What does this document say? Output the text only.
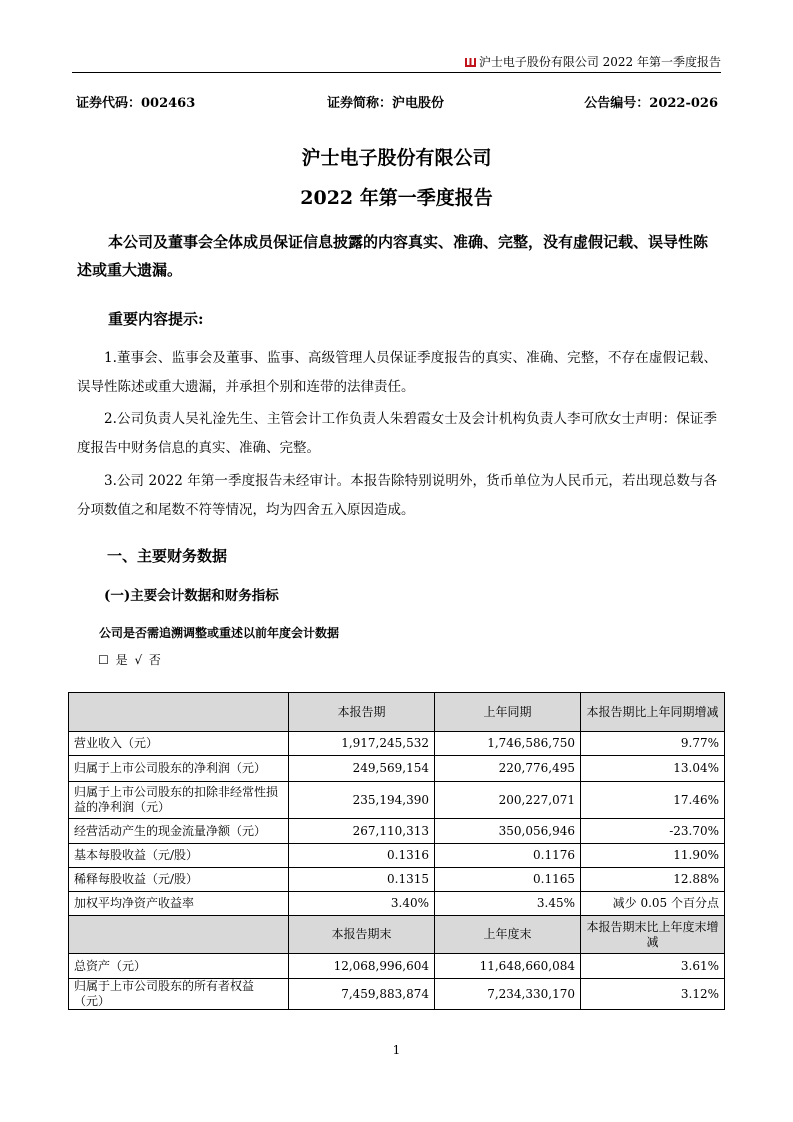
沪士电子股份有限公司 2022 年第一季度报告
证券代码：002463	证券简称：沪电股份	公告编号：2022-026
沪士电子股份有限公司
2022 年第一季度报告
本公司及董事会全体成员保证信息披露的内容真实、准确、完整，没有虚假记载、误导性陈述或重大遗漏。
重要内容提示:
1.董事会、监事会及董事、监事、高级管理人员保证季度报告的真实、准确、完整，不存在虚假记载、误导性陈述或重大遗漏，并承担个别和连带的法律责任。
2.公司负责人吴礼淦先生、主管会计工作负责人朱碧霞女士及会计机构负责人李可欣女士声明：保证季度报告中财务信息的真实、准确、完整。
3.公司 2022 年第一季度报告未经审计。本报告除特别说明外，货币单位为人民币元，若出现总数与各分项数值之和尾数不符等情况，均为四舍五入原因造成。
一、主要财务数据
(一)主要会计数据和财务指标
公司是否需追溯调整或重述以前年度会计数据
☐ 是 √ 否
	本报告期	上年同期	本报告期比上年同期增减
营业收入（元）	1,917,245,532	1,746,586,750	9.77%
归属于上市公司股东的净利润（元）	249,569,154	220,776,495	13.04%
归属于上市公司股东的扣除非经常性损益的净利润（元）	235,194,390	200,227,071	17.46%
经营活动产生的现金流量净额（元）	267,110,313	350,056,946	-23.70%
基本每股收益（元/股）	0.1316	0.1176	11.90%
稀释每股收益（元/股）	0.1315	0.1165	12.88%
加权平均净资产收益率	3.40%	3.45%	减少 0.05 个百分点
	本报告期末	上年度末	本报告期末比上年度末增减
总资产（元）	12,068,996,604	11,648,660,084	3.61%
归属于上市公司股东的所有者权益（元）	7,459,883,874	7,234,330,170	3.12%
1
